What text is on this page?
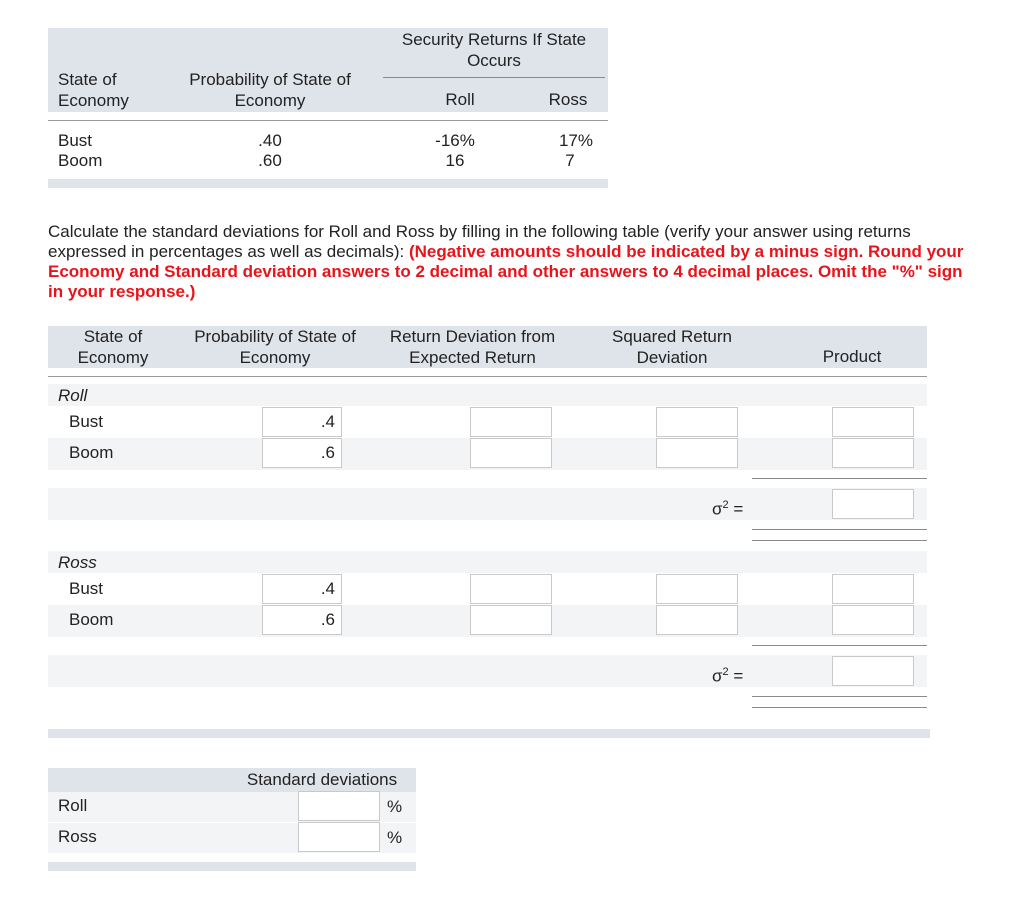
Security Returns If State Occurs
State of Economy
Probability of State of Economy	Roll	Ross
Bust	.40	-16%	17%
Boom	.60	16	7
Calculate the standard deviations for Roll and Ross by filling in the following table (verify your answer using returns expressed in percentages as well as decimals): (Negative amounts should be indicated by a minus sign. Round your Economy and Standard deviation answers to 2 decimal and other answers to 4 decimal places. Omit the "%" sign in your response.)
State of Economy
Probability of State of Economy
Return Deviation from Expected Return
Squared Return Deviation	Product
Roll
Bust	.4
Boom	.6
$\sigma^2$ =
Ross
Bust	.4
Boom	.6
$\sigma^2$ =
Standard deviations
Roll	%
Ross	%
